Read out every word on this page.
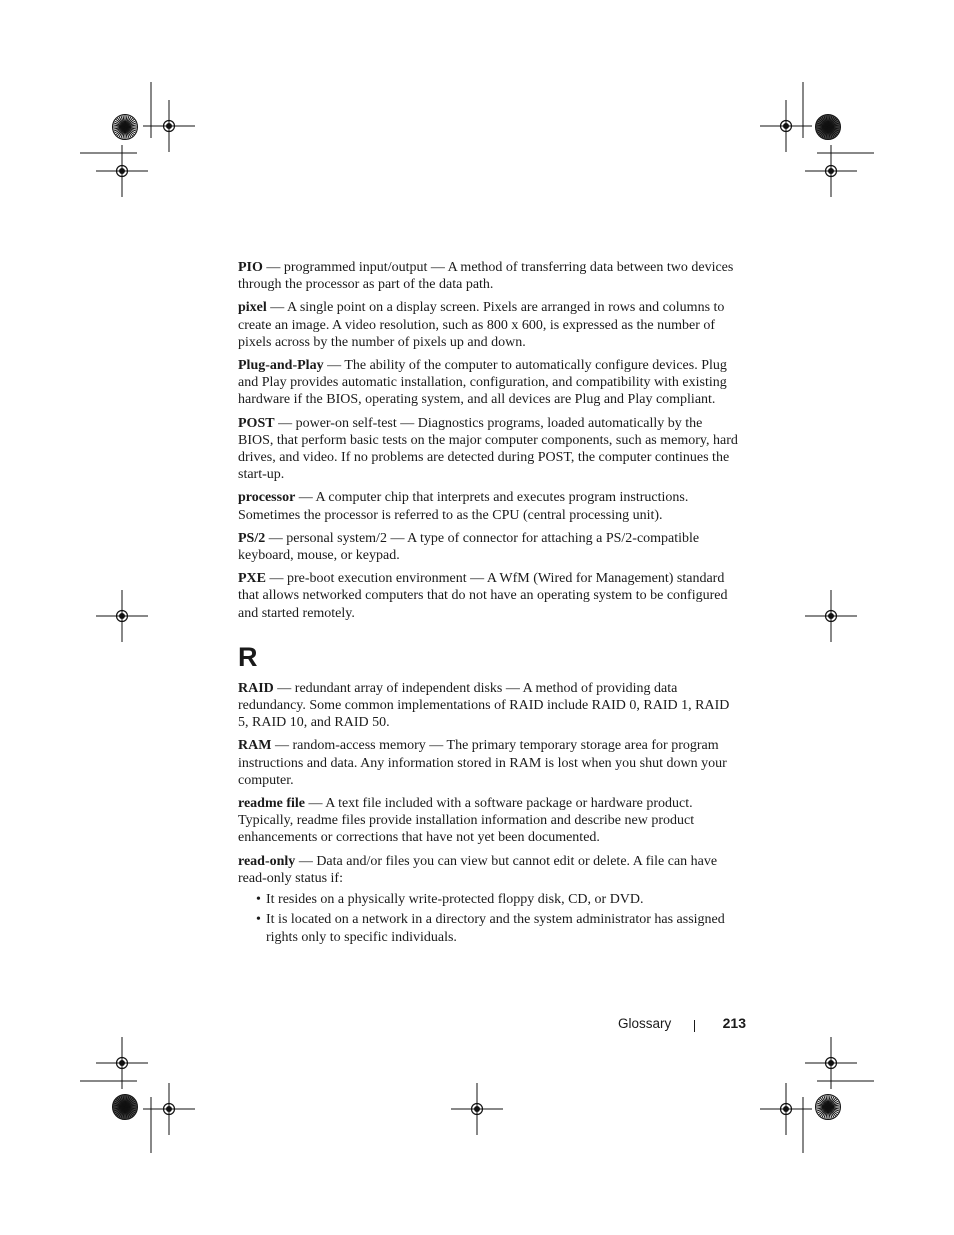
PIO — programmed input/output — A method of transferring data between two devices through the processor as part of the data path.
pixel — A single point on a display screen. Pixels are arranged in rows and columns to create an image. A video resolution, such as 800 x 600, is expressed as the number of pixels across by the number of pixels up and down.
Plug-and-Play — The ability of the computer to automatically configure devices. Plug and Play provides automatic installation, configuration, and compatibility with existing hardware if the BIOS, operating system, and all devices are Plug and Play compliant.
POST — power-on self-test — Diagnostics programs, loaded automatically by the BIOS, that perform basic tests on the major computer components, such as memory, hard drives, and video. If no problems are detected during POST, the computer continues the start-up.
processor — A computer chip that interprets and executes program instructions. Sometimes the processor is referred to as the CPU (central processing unit).
PS/2 — personal system/2 — A type of connector for attaching a PS/2-compatible keyboard, mouse, or keypad.
PXE — pre-boot execution environment — A WfM (Wired for Management) standard that allows networked computers that do not have an operating system to be configured and started remotely.
R
RAID — redundant array of independent disks — A method of providing data redundancy. Some common implementations of RAID include RAID 0, RAID 1, RAID 5, RAID 10, and RAID 50.
RAM — random-access memory — The primary temporary storage area for program instructions and data. Any information stored in RAM is lost when you shut down your computer.
readme file — A text file included with a software package or hardware product. Typically, readme files provide installation information and describe new product enhancements or corrections that have not yet been documented.
read-only — Data and/or files you can view but cannot edit or delete. A file can have read-only status if:
• It resides on a physically write-protected floppy disk, CD, or DVD.
• It is located on a network in a directory and the system administrator has assigned rights only to specific individuals.
Glossary	213
